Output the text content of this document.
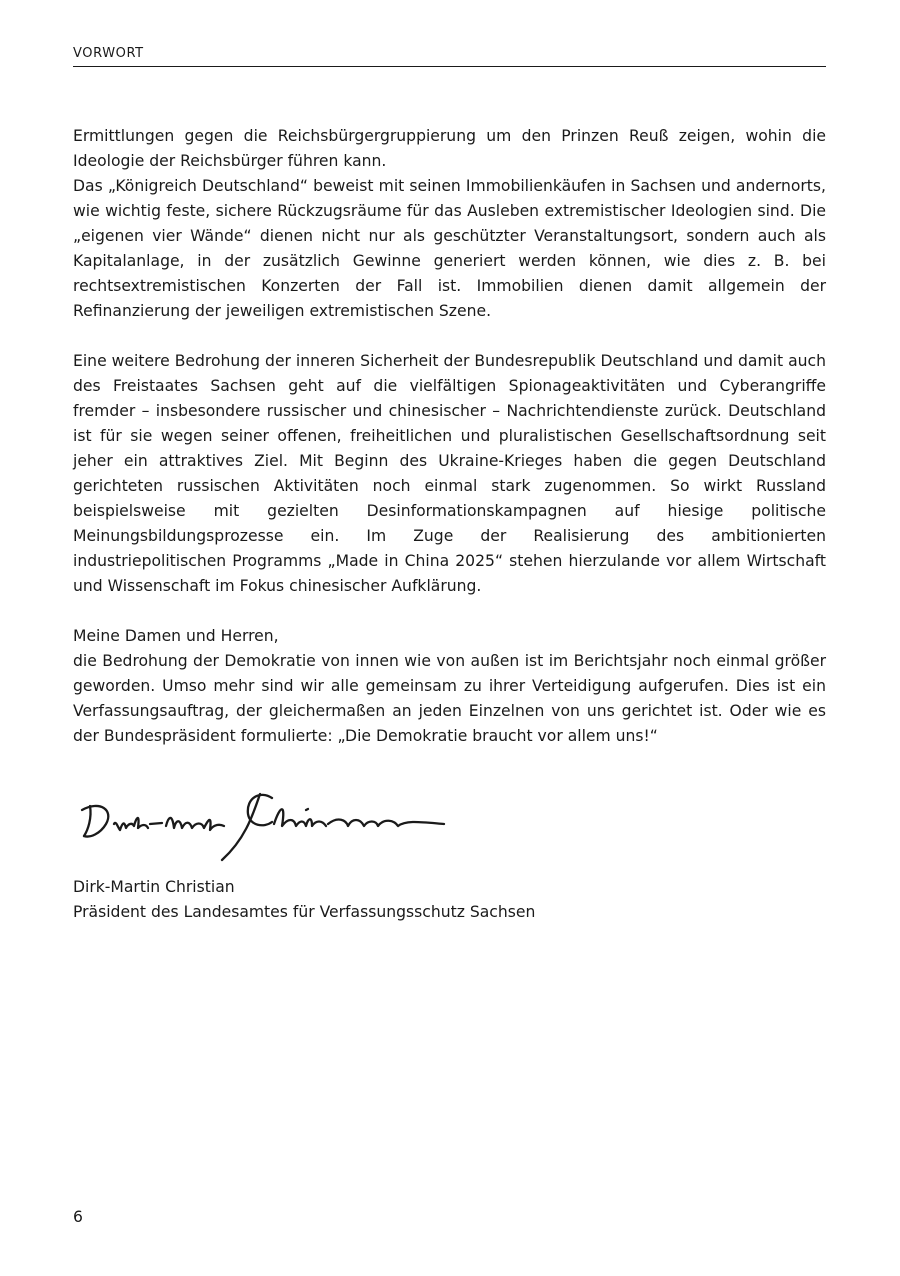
VORWORT

Ermittlungen gegen die Reichsbürgergruppierung um den Prinzen Reuß zeigen, wohin die Ideologie der Reichsbürger führen kann.

Das „Königreich Deutschland“ beweist mit seinen Immobilienkäufen in Sachsen und andernorts, wie wichtig feste, sichere Rückzugsräume für das Ausleben extremistischer Ideologien sind. Die „eigenen vier Wände“ dienen nicht nur als geschützter Veranstaltungsort, sondern auch als Kapitalanlage, in der zusätzlich Gewinne generiert werden können, wie dies z. B. bei rechtsextremistischen Konzerten der Fall ist. Immobilien dienen damit allgemein der Refinanzierung der jeweiligen extremistischen Szene.

Eine weitere Bedrohung der inneren Sicherheit der Bundesrepublik Deutschland und damit auch des Freistaates Sachsen geht auf die vielfältigen Spionageaktivitäten und Cyberangriffe fremder – insbesondere russischer und chinesischer – Nachrichtendienste zurück. Deutschland ist für sie wegen seiner offenen, freiheitlichen und pluralistischen Gesellschaftsordnung seit jeher ein attraktives Ziel. Mit Beginn des Ukraine-Krieges haben die gegen Deutschland gerichteten russischen Aktivitäten noch einmal stark zugenommen. So wirkt Russland beispielsweise mit gezielten Desinformationskampagnen auf hiesige politische Meinungsbildungsprozesse ein. Im Zuge der Realisierung des ambitionierten industriepolitischen Programms „Made in China 2025“ stehen hierzulande vor allem Wirtschaft und Wissenschaft im Fokus chinesischer Aufklärung.

Meine Damen und Herren,

die Bedrohung der Demokratie von innen wie von außen ist im Berichtsjahr noch einmal größer geworden. Umso mehr sind wir alle gemeinsam zu ihrer Verteidigung aufgerufen. Dies ist ein Verfassungsauftrag, der gleichermaßen an jeden Einzelnen von uns gerichtet ist. Oder wie es der Bundespräsident formulierte: „Die Demokratie braucht vor allem uns!“

Dirk-Martin Christian
Präsident des Landesamtes für Verfassungsschutz Sachsen
6
